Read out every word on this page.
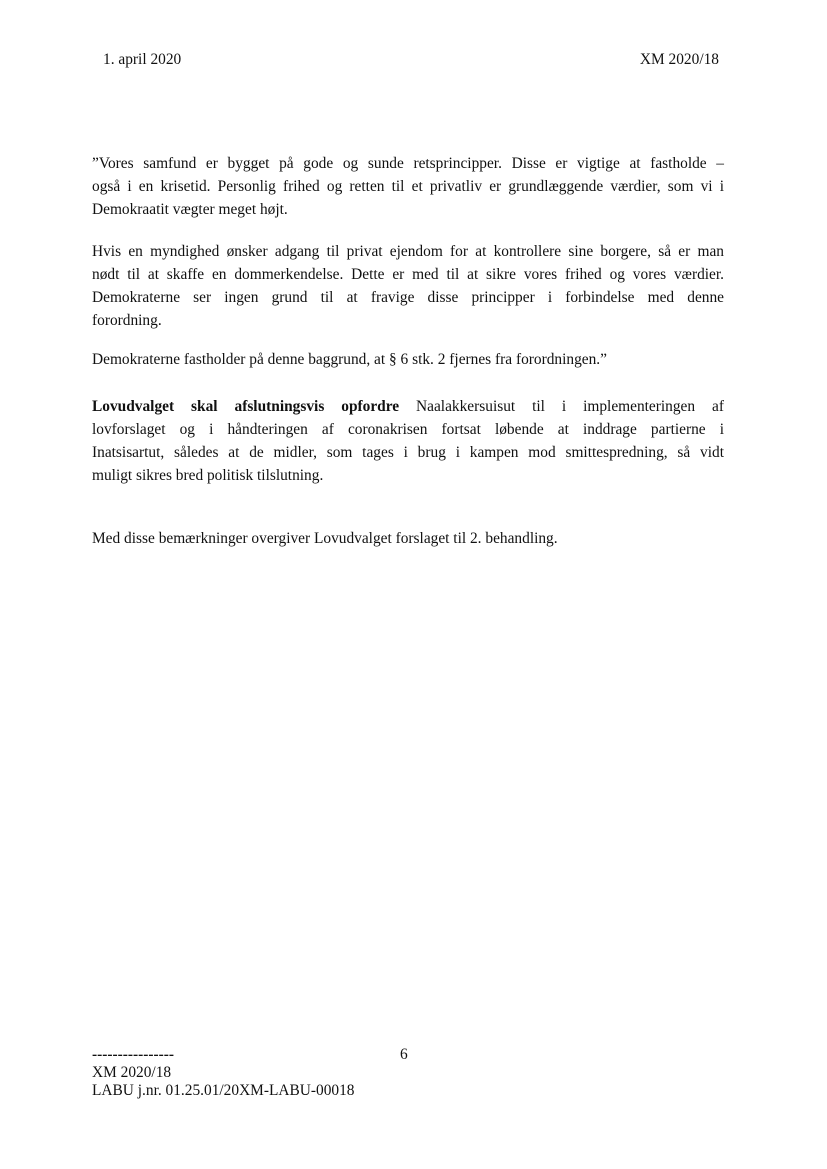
1. april 2020	XM 2020/18
”Vores samfund er bygget på gode og sunde retsprincipper. Disse er vigtige at fastholde –
også i en krisetid. Personlig frihed og retten til et privatliv er grundlæggende værdier, som vi i
Demokraatit vægter meget højt.
Hvis en myndighed ønsker adgang til privat ejendom for at kontrollere sine borgere, så er man
nødt til at skaffe en dommerkendelse. Dette er med til at sikre vores frihed og vores værdier.
Demokraterne ser ingen grund til at fravige disse principper i forbindelse med denne
forordning.
Demokraterne fastholder på denne baggrund, at § 6 stk. 2 fjernes fra forordningen.”
Lovudvalget skal afslutningsvis opfordre Naalakkersuisut til i implementeringen af
lovforslaget og i håndteringen af coronakrisen fortsat løbende at inddrage partierne i
Inatsisartut, således at de midler, som tages i brug i kampen mod smittespredning, så vidt
muligt sikres bred politisk tilslutning.
Med disse bemærkninger overgiver Lovudvalget forslaget til 2. behandling.
6
----------------
XM 2020/18
LABU j.nr. 01.25.01/20XM-LABU-00018
